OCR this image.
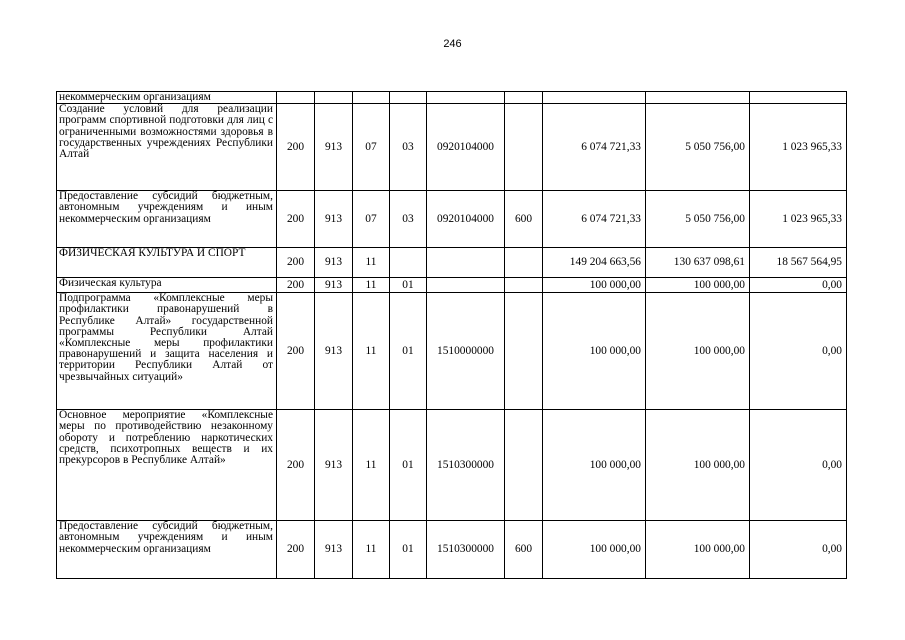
246
некоммерческим организациям									
Создание условий для реализации программ спортивной подготовки для лиц с ограниченными возможностями здоровья в государственных учреждениях Республики Алтай	200	913	07	03	0920104000		6 074 721,33	5 050 756,00	1 023 965,33
Предоставление субсидий бюджетным, автономным учреждениям и иным некоммерческим организациям	200	913	07	03	0920104000	600	6 074 721,33	5 050 756,00	1 023 965,33
ФИЗИЧЕСКАЯ КУЛЬТУРА И СПОРТ	200	913	11				149 204 663,56	130 637 098,61	18 567 564,95
Физическая культура	200	913	11	01			100 000,00	100 000,00	0,00
Подпрограмма «Комплексные меры профилактики правонарушений в Республике Алтай» государственной программы Республики Алтай «Комплексные меры профилактики правонарушений и защита населения и территории Республики Алтай от чрезвычайных ситуаций»	200	913	11	01	1510000000		100 000,00	100 000,00	0,00
Основное мероприятие «Комплексные меры по противодействию незаконному обороту и потреблению наркотических средств, психотропных веществ и их прекурсоров в Республике Алтай»	200	913	11	01	1510300000		100 000,00	100 000,00	0,00
Предоставление субсидий бюджетным, автономным учреждениям и иным некоммерческим организациям	200	913	11	01	1510300000	600	100 000,00	100 000,00	0,00
